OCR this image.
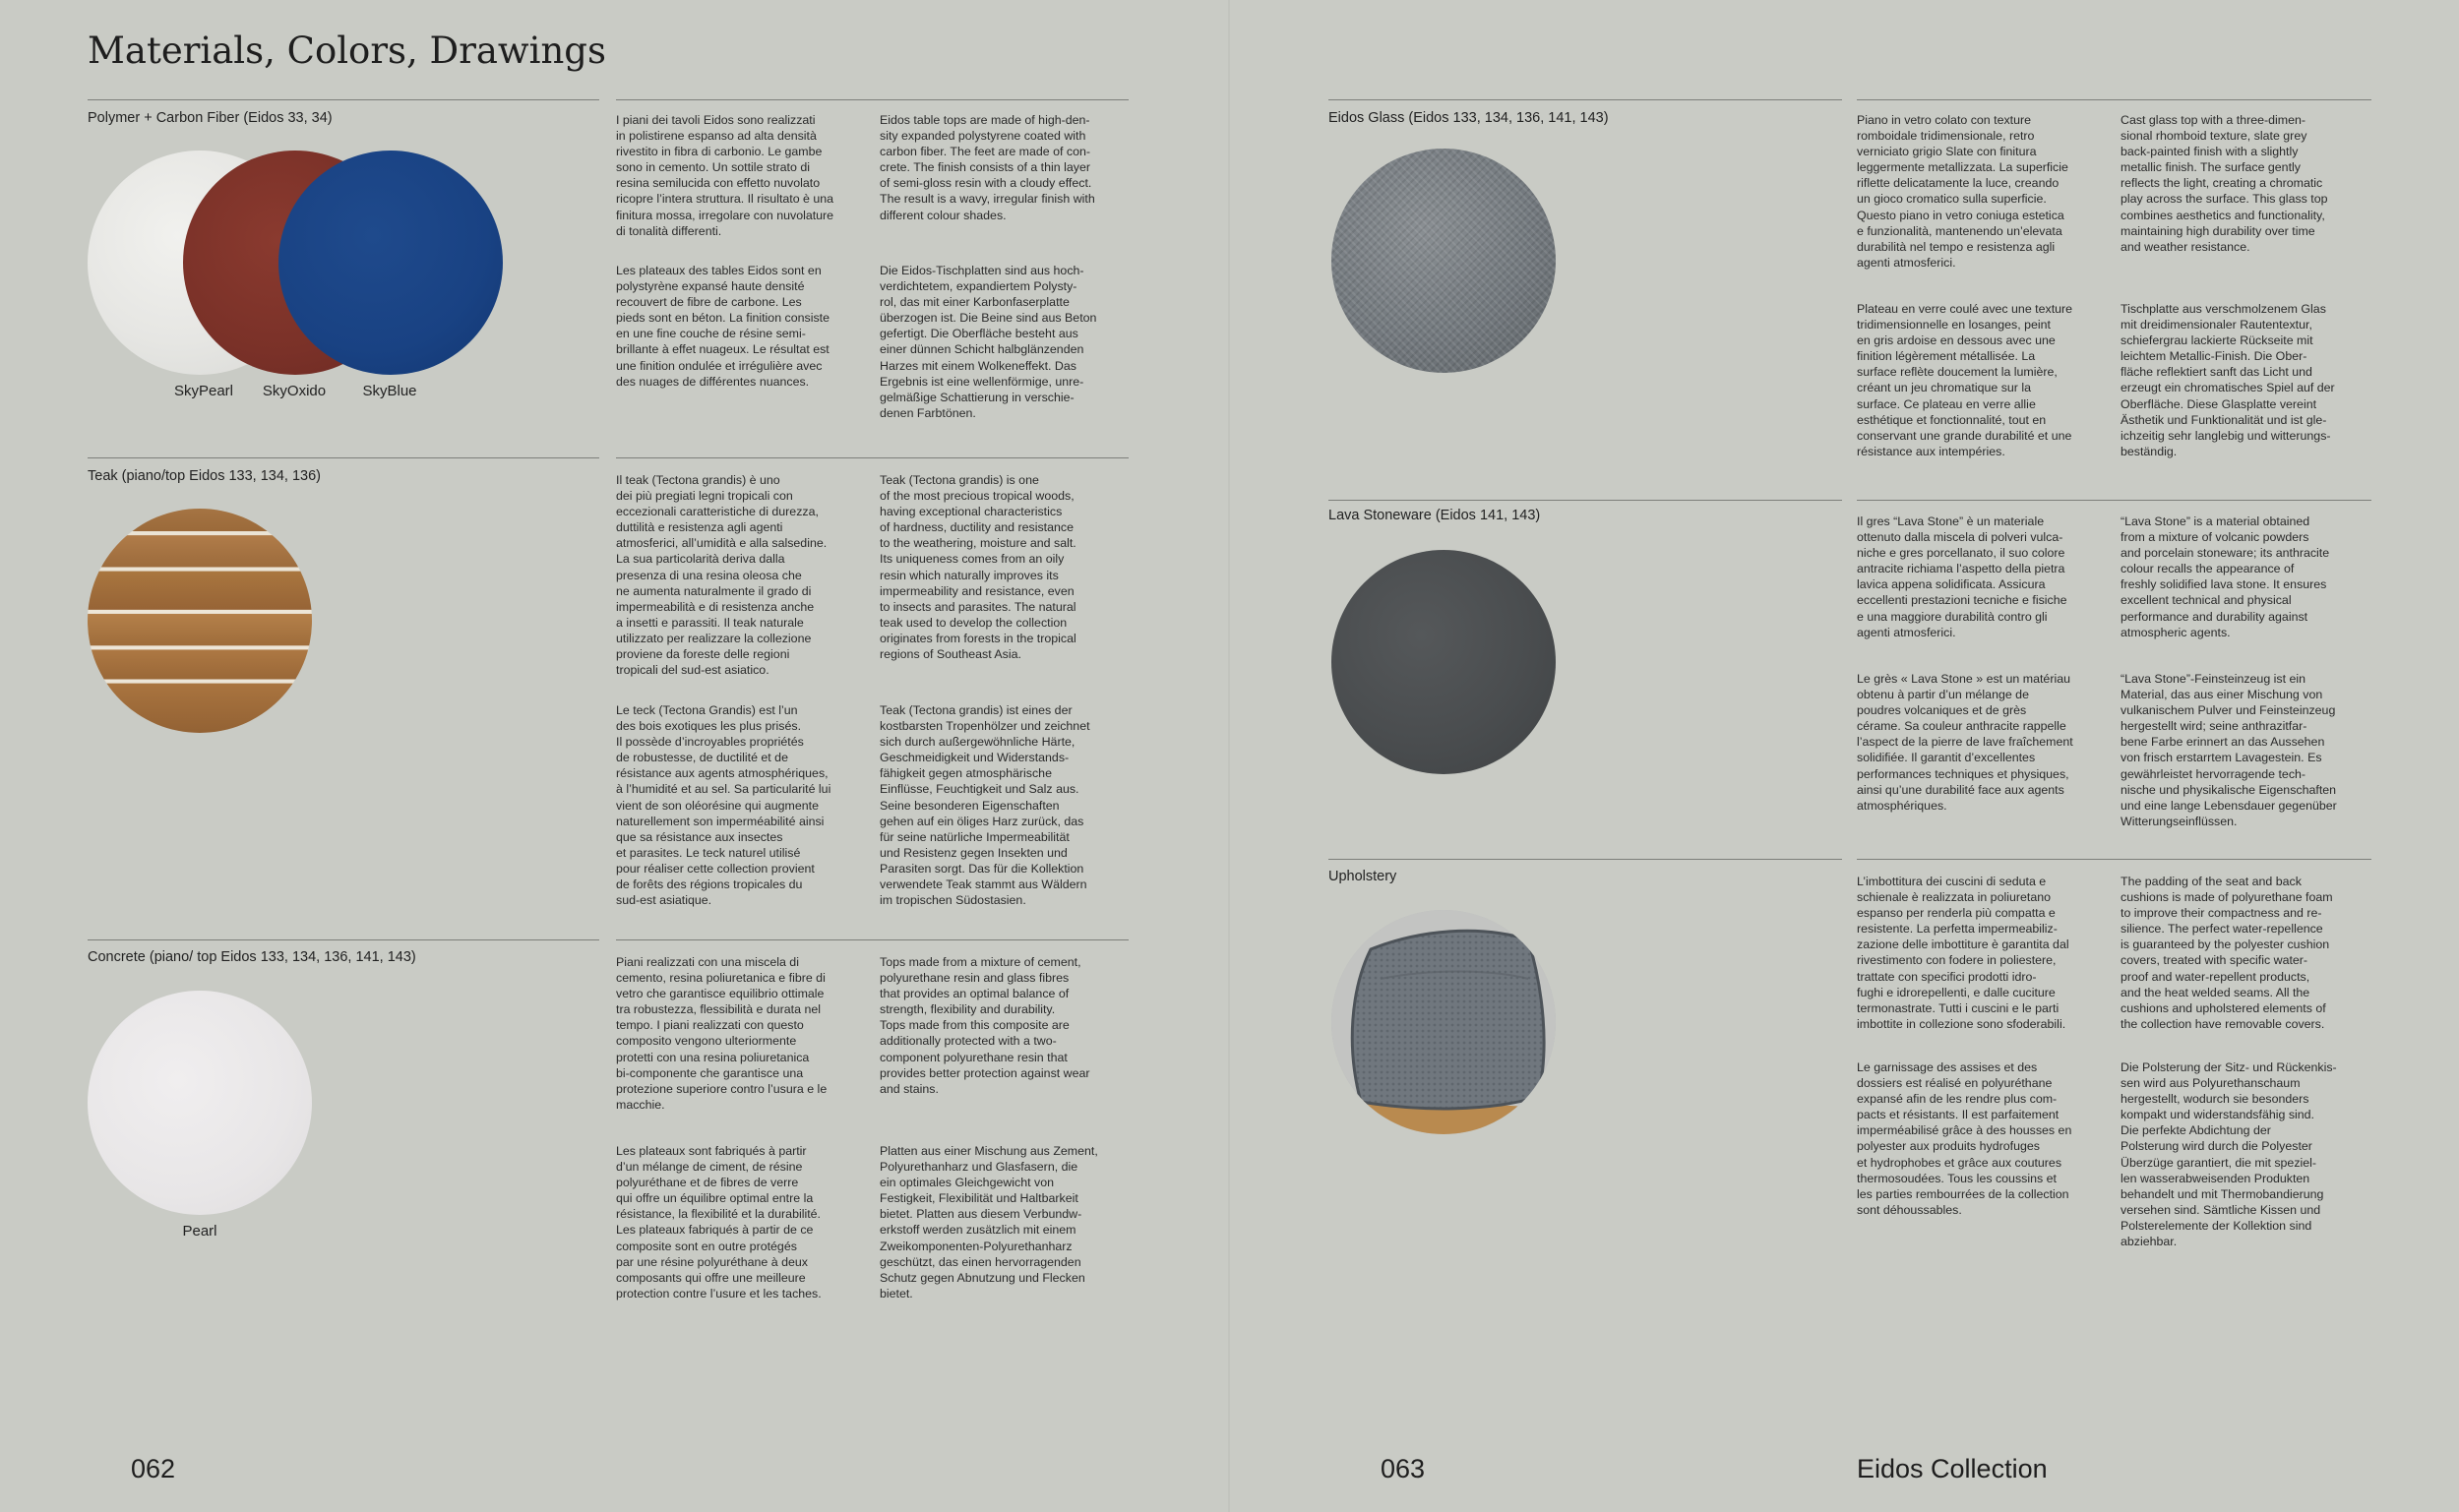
Materials, Colors, Drawings
Polymer + Carbon Fiber (Eidos 33, 34)
SkyPearl	SkyOxido	SkyBlue
I piani dei tavoli Eidos sono realizzati
in polistirene espanso ad alta densità
rivestito in fibra di carbonio. Le gambe
sono in cemento. Un sottile strato di
resina semilucida con effetto nuvolato
ricopre l’intera struttura. Il risultato è una
finitura mossa, irregolare con nuvolature
di tonalità differenti.
Eidos table tops are made of high-den-
sity expanded polystyrene coated with
carbon fiber. The feet are made of con-
crete. The finish consists of a thin layer
of semi-gloss resin with a cloudy effect.
The result is a wavy, irregular finish with
different colour shades.
Les plateaux des tables Eidos sont en
polystyrène expansé haute densité
recouvert de fibre de carbone. Les
pieds sont en béton. La finition consiste
en une fine couche de résine semi-
brillante à effet nuageux. Le résultat est
une finition ondulée et irrégulière avec
des nuages de différentes nuances.
Die Eidos-Tischplatten sind aus hoch-
verdichtetem, expandiertem Polysty-
rol, das mit einer Karbonfaserplatte
überzogen ist. Die Beine sind aus Beton
gefertigt. Die Oberfläche besteht aus
einer dünnen Schicht halbglänzenden
Harzes mit einem Wolkeneffekt. Das
Ergebnis ist eine wellenförmige, unre-
gelmäßige Schattierung in verschie-
denen Farbtönen.
Teak (piano/top Eidos 133, 134, 136)	Il teak (Tectona grandis) è uno
dei più pregiati legni tropicali con
eccezionali caratteristiche di durezza,
duttilità e resistenza agli agenti
atmosferici, all’umidità e alla salsedine.
La sua particolarità deriva dalla
presenza di una resina oleosa che
ne aumenta naturalmente il grado di
impermeabilità e di resistenza anche
a insetti e parassiti. Il teak naturale
utilizzato per realizzare la collezione
proviene da foreste delle regioni
tropicali del sud-est asiatico.
Teak (Tectona grandis) is one
of the most precious tropical woods,
having exceptional characteristics
of hardness, ductility and resistance
to the weathering, moisture and salt.
Its uniqueness comes from an oily
resin which naturally improves its
impermeability and resistance, even
to insects and parasites. The natural
teak used to develop the collection
originates from forests in the tropical
regions of Southeast Asia.
Le teck (Tectona Grandis) est l’un
des bois exotiques les plus prisés.
Il possède d’incroyables propriétés
de robustesse, de ductilité et de
résistance aux agents atmosphériques,
à l’humidité et au sel. Sa particularité lui
vient de son oléorésine qui augmente
naturellement son imperméabilité ainsi
que sa résistance aux insectes
et parasites. Le teck naturel utilisé
pour réaliser cette collection provient
de forêts des régions tropicales du
sud-est asiatique.
Teak (Tectona grandis) ist eines der
kostbarsten Tropenhölzer und zeichnet
sich durch außergewöhnliche Härte,
Geschmeidigkeit und Widerstands-
fähigkeit gegen atmosphärische
Einflüsse, Feuchtigkeit und Salz aus.
Seine besonderen Eigenschaften
gehen auf ein öliges Harz zurück, das
für seine natürliche Impermeabilität
und Resistenz gegen Insekten und
Parasiten sorgt. Das für die Kollektion
verwendete Teak stammt aus Wäldern
im tropischen Südostasien.
Concrete (piano/ top Eidos 133, 134, 136, 141, 143)
Pearl
Piani realizzati con una miscela di
cemento, resina poliuretanica e fibre di
vetro che garantisce equilibrio ottimale
tra robustezza, flessibilità e durata nel
tempo. I piani realizzati con questo
composito vengono ulteriormente
protetti con una resina poliuretanica
bi-componente che garantisce una
protezione superiore contro l’usura e le
macchie.
Tops made from a mixture of cement,
polyurethane resin and glass fibres
that provides an optimal balance of
strength, flexibility and durability.
Tops made from this composite are
additionally protected with a two-
component polyurethane resin that
provides better protection against wear
and stains.
Les plateaux sont fabriqués à partir
d’un mélange de ciment, de résine
polyuréthane et de fibres de verre
qui offre un équilibre optimal entre la
résistance, la flexibilité et la durabilité.
Les plateaux fabriqués à partir de ce
composite sont en outre protégés
par une résine polyuréthane à deux
composants qui offre une meilleure
protection contre l’usure et les taches.
Platten aus einer Mischung aus Zement,
Polyurethanharz und Glasfasern, die
ein optimales Gleichgewicht von
Festigkeit, Flexibilität und Haltbarkeit
bietet. Platten aus diesem Verbundw-
erkstoff werden zusätzlich mit einem
Zweikomponenten-Polyurethanharz
geschützt, das einen hervorragenden
Schutz gegen Abnutzung und Flecken
bietet.
062
Eidos Glass (Eidos 133, 134, 136, 141, 143)	Piano in vetro colato con texture
romboidale tridimensionale, retro
verniciato grigio Slate con finitura
leggermente metallizzata. La superficie
riflette delicatamente la luce, creando
un gioco cromatico sulla superficie.
Questo piano in vetro coniuga estetica
e funzionalità, mantenendo un’elevata
durabilità nel tempo e resistenza agli
agenti atmosferici.
Cast glass top with a three-dimen-
sional rhomboid texture, slate grey
back-painted finish with a slightly
metallic finish. The surface gently
reflects the light, creating a chromatic
play across the surface. This glass top
combines aesthetics and functionality,
maintaining high durability over time
and weather resistance.
Plateau en verre coulé avec une texture
tridimensionnelle en losanges, peint
en gris ardoise en dessous avec une
finition légèrement métallisée. La
surface reflète doucement la lumière,
créant un jeu chromatique sur la
surface. Ce plateau en verre allie
esthétique et fonctionnalité, tout en
conservant une grande durabilité et une
résistance aux intempéries.
Tischplatte aus verschmolzenem Glas
mit dreidimensionaler Rautentextur,
schiefergrau lackierte Rückseite mit
leichtem Metallic-Finish. Die Ober-
fläche reflektiert sanft das Licht und
erzeugt ein chromatisches Spiel auf der
Oberfläche. Diese Glasplatte vereint
Ästhetik und Funktionalität und ist gle-
ichzeitig sehr langlebig und witterungs-
beständig.
Lava Stoneware (Eidos 141, 143)	Il gres “Lava Stone” è un materiale
ottenuto dalla miscela di polveri vulca-
niche e gres porcellanato, il suo colore
antracite richiama l’aspetto della pietra
lavica appena solidificata. Assicura
eccellenti prestazioni tecniche e fisiche
e una maggiore durabilità contro gli
agenti atmosferici.
“Lava Stone” is a material obtained
from a mixture of volcanic powders
and porcelain stoneware; its anthracite
colour recalls the appearance of
freshly solidified lava stone. It ensures
excellent technical and physical
performance and durability against
atmospheric agents.
Le grès « Lava Stone » est un matériau
obtenu à partir d’un mélange de
poudres volcaniques et de grès
cérame. Sa couleur anthracite rappelle
l’aspect de la pierre de lave fraîchement
solidifiée. Il garantit d’excellentes
performances techniques et physiques,
ainsi qu’une durabilité face aux agents
atmosphériques.
“Lava Stone”-Feinsteinzeug ist ein
Material, das aus einer Mischung von
vulkanischem Pulver und Feinsteinzeug
hergestellt wird; seine anthrazitfar-
bene Farbe erinnert an das Aussehen
von frisch erstarrtem Lavagestein. Es
gewährleistet hervorragende tech-
nische und physikalische Eigenschaften
und eine lange Lebensdauer gegenüber
Witterungseinflüssen.
Upholstery	L’imbottitura dei cuscini di seduta e
schienale è realizzata in poliuretano
espanso per renderla più compatta e
resistente. La perfetta impermeabiliz-
zazione delle imbottiture è garantita dal
rivestimento con fodere in poliestere,
trattate con specifici prodotti idro-
fughi e idrorepellenti, e dalle cuciture
termonastrate. Tutti i cuscini e le parti
imbottite in collezione sono sfoderabili.
The padding of the seat and back
cushions is made of polyurethane foam
to improve their compactness and re-
silience. The perfect water-repellence
is guaranteed by the polyester cushion
covers, treated with specific water-
proof and water-repellent products,
and the heat welded seams. All the
cushions and upholstered elements of
the collection have removable covers.
Le garnissage des assises et des
dossiers est réalisé en polyuréthane
expansé afin de les rendre plus com-
pacts et résistants. Il est parfaitement
imperméabilisé grâce à des housses en
polyester aux produits hydrofuges
et hydrophobes et grâce aux coutures
thermosoudées. Tous les coussins et
les parties rembourrées de la collection
sont déhoussables.
Die Polsterung der Sitz- und Rückenkis-
sen wird aus Polyurethanschaum
hergestellt, wodurch sie besonders
kompakt und widerstandsfähig sind.
Die perfekte Abdichtung der
Polsterung wird durch die Polyester
Überzüge garantiert, die mit speziel-
len wasserabweisenden Produkten
behandelt und mit Thermobandierung
versehen sind. Sämtliche Kissen und
Polsterelemente der Kollektion sind
abziehbar.
063	Eidos Collection
